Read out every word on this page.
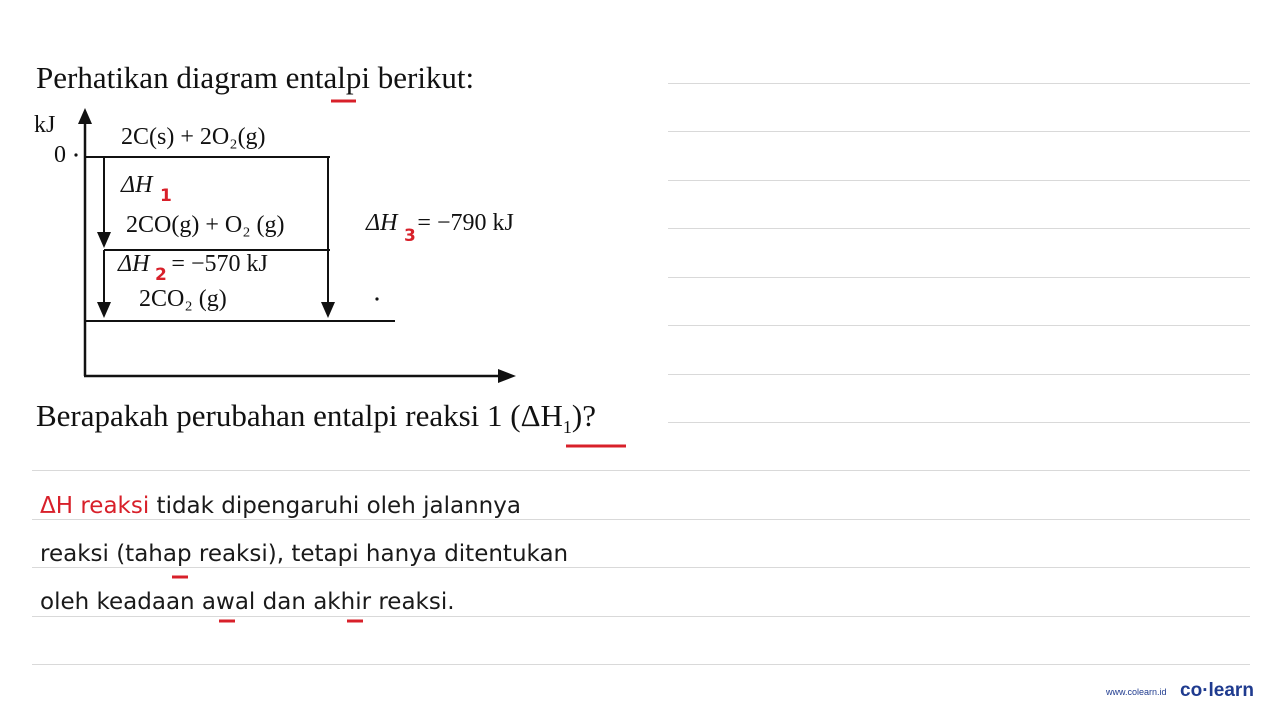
Perhatikan diagram entalpi berikut:
kJ
0
2C(s) + 2O₂(g)
ΔH 1
2CO(g) + O₂ (g)	ΔH = −790 kJ
3
ΔH = −570 kJ
2
2CO₂ (g)
Berapakah perubahan entalpi reaksi 1 $(\Delta H_1)$?
ΔH reaksi tidak dipengaruhi oleh jalannya
reaksi (tahap reaksi), tetapi hanya ditentukan
oleh keadaan awal dan akhir reaksi.
www.colearn.id co·learn
